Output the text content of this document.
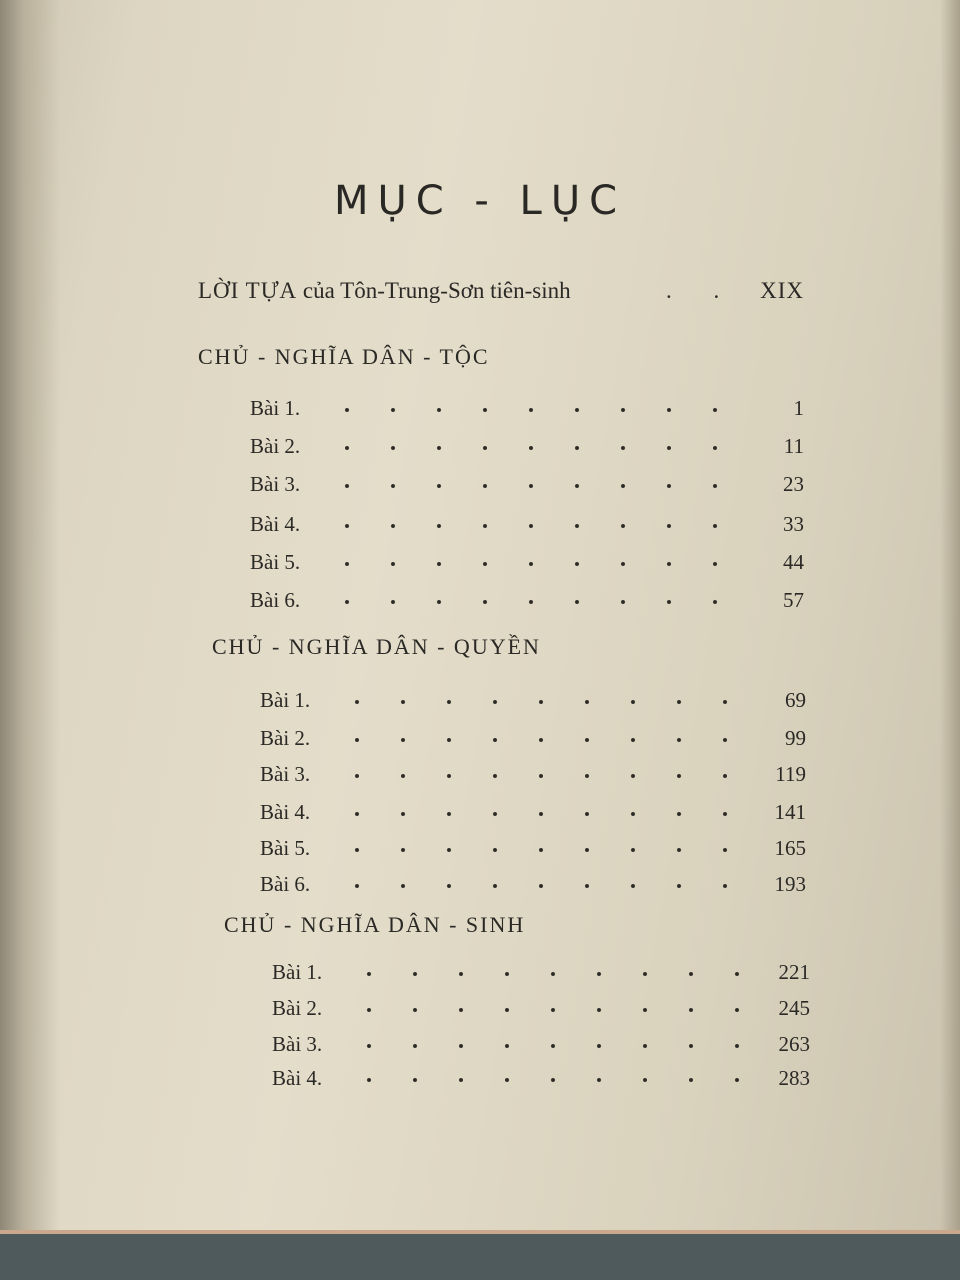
MỤC - LỤC
LỜI TỰA của Tôn-Trung-Sơn tiên-sinh	. . XIX
CHỦ - NGHĨA DÂN - TỘC
Bài 1.	1
Bài 2.	11
Bài 3.	23
Bài 4.	33
Bài 5.	44
Bài 6.	57
CHỦ - NGHĨA DÂN - QUYỀN
Bài 1.	69
Bài 2.	99
Bài 3.	119
Bài 4.	141
Bài 5.	165
Bài 6.	193
CHỦ - NGHĨA DÂN - SINH
Bài 1.	221
Bài 2.	245
Bài 3.	263
Bài 4.	283
